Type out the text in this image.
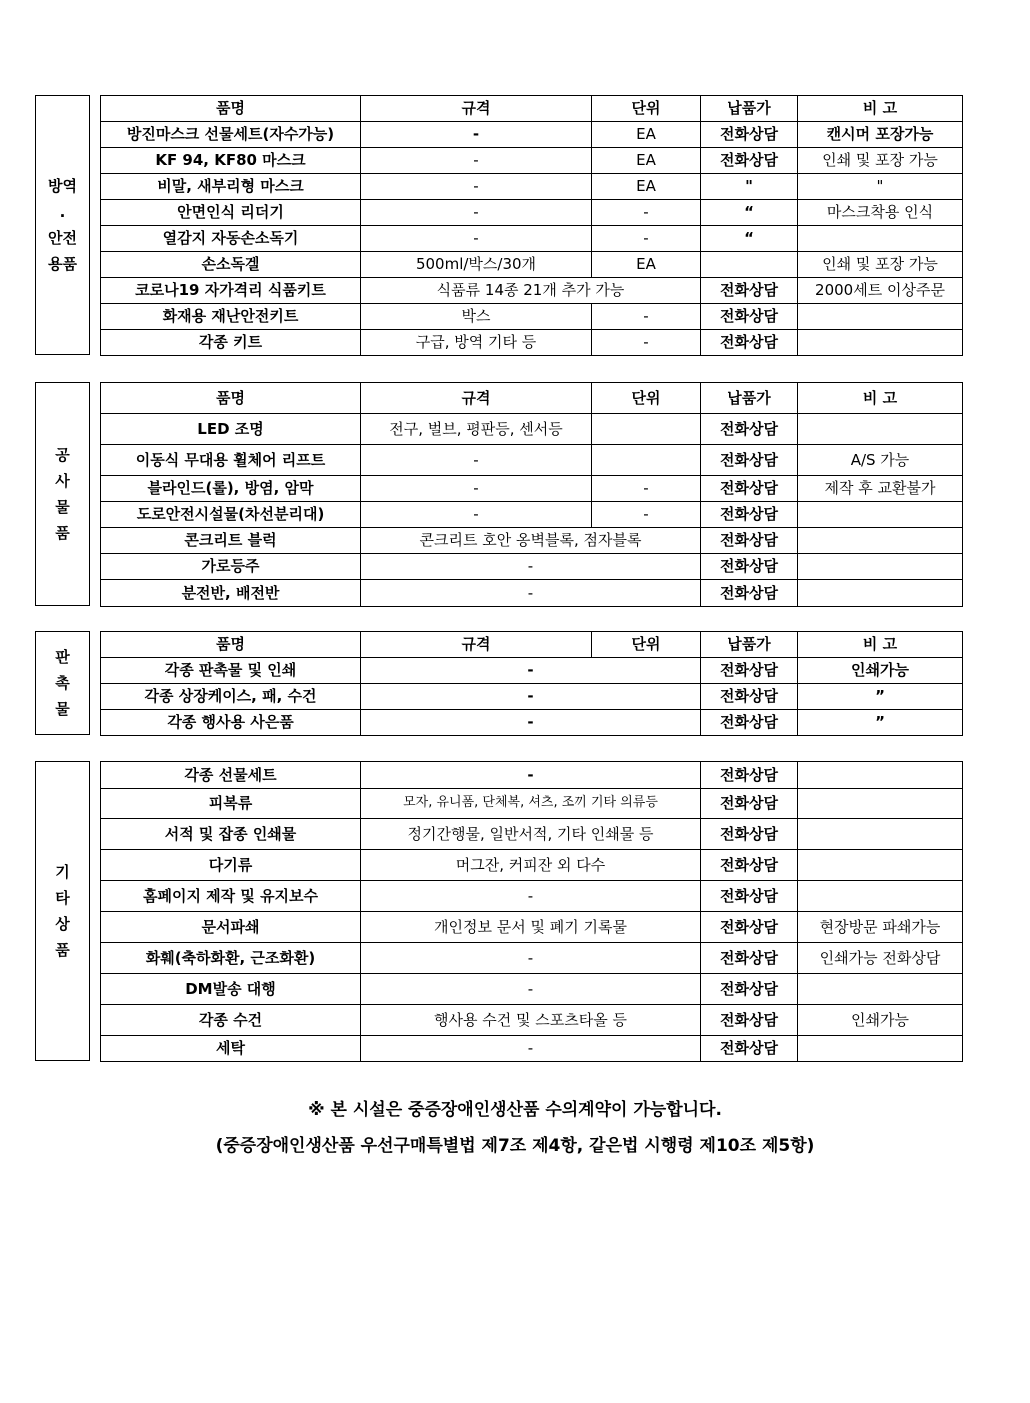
방역
.
안전
용품
품명	규격	단위	납품가	비 고
방진마스크 선물세트(자수가능)	-	EA	전화상담	캔시머 포장가능
KF 94, KF80 마스크	-	EA	전화상담	인쇄 및 포장 가능
비말, 새부리형 마스크	-	EA	"	"
안면인식 리더기	-	-	“	마스크착용 인식
열감지 자동손소독기	-	-	“	
손소독겔	500ml/박스/30개	EA		인쇄 및 포장 가능
코로나19 자가격리 식품키트	식품류 14종 21개 추가 가능		전화상담	2000세트 이상주문
화재용 재난안전키트	박스	-	전화상담	
각종 키트	구급, 방역 기타 등	-	전화상담	
공
사
물
품
품명	규격	단위	납품가	비 고
LED 조명	전구, 벌브, 평판등, 센서등		전화상담	
이동식 무대용 휠체어 리프트	-		전화상담	A/S 가능
블라인드(롤), 방염, 암막	-	-	전화상담	제작 후 교환불가
도로안전시설물(차선분리대)	-	-	전화상담	
콘크리트 블럭	콘크리트 호안 옹벽블록, 점자블록		전화상담	
가로등주	-		전화상담	
분전반, 배전반	-		전화상담	
판
촉
물
품명	규격	단위	납품가	비 고
각종 판촉물 및 인쇄	-		전화상담	인쇄가능
각종 상장케이스, 패, 수건	-		전화상담	”
각종 행사용 사은품	-		전화상담	”
기
타
상
품
각종 선물세트	-	전화상담	
피복류	모자, 유니폼, 단체복, 셔츠, 조끼 기타 의류등	전화상담	
서적 및 잡종 인쇄물	정기간행물, 일반서적, 기타 인쇄물 등	전화상담	
다기류	머그잔, 커피잔 외 다수	전화상담	
홈페이지 제작 및 유지보수	-	전화상담	
문서파쇄	개인정보 문서 및 폐기 기록물	전화상담	현장방문 파쇄가능
화훼(축하화환, 근조화환)	-	전화상담	인쇄가능 전화상담
DM발송 대행	-	전화상담	
각종 수건	행사용 수건 및 스포츠타올 등	전화상담	인쇄가능
세탁	-	전화상담	
※ 본 시설은 중증장애인생산품 수의계약이 가능합니다.
(중증장애인생산품 우선구매특별법 제7조 제4항, 같은법 시행령 제10조 제5항)
